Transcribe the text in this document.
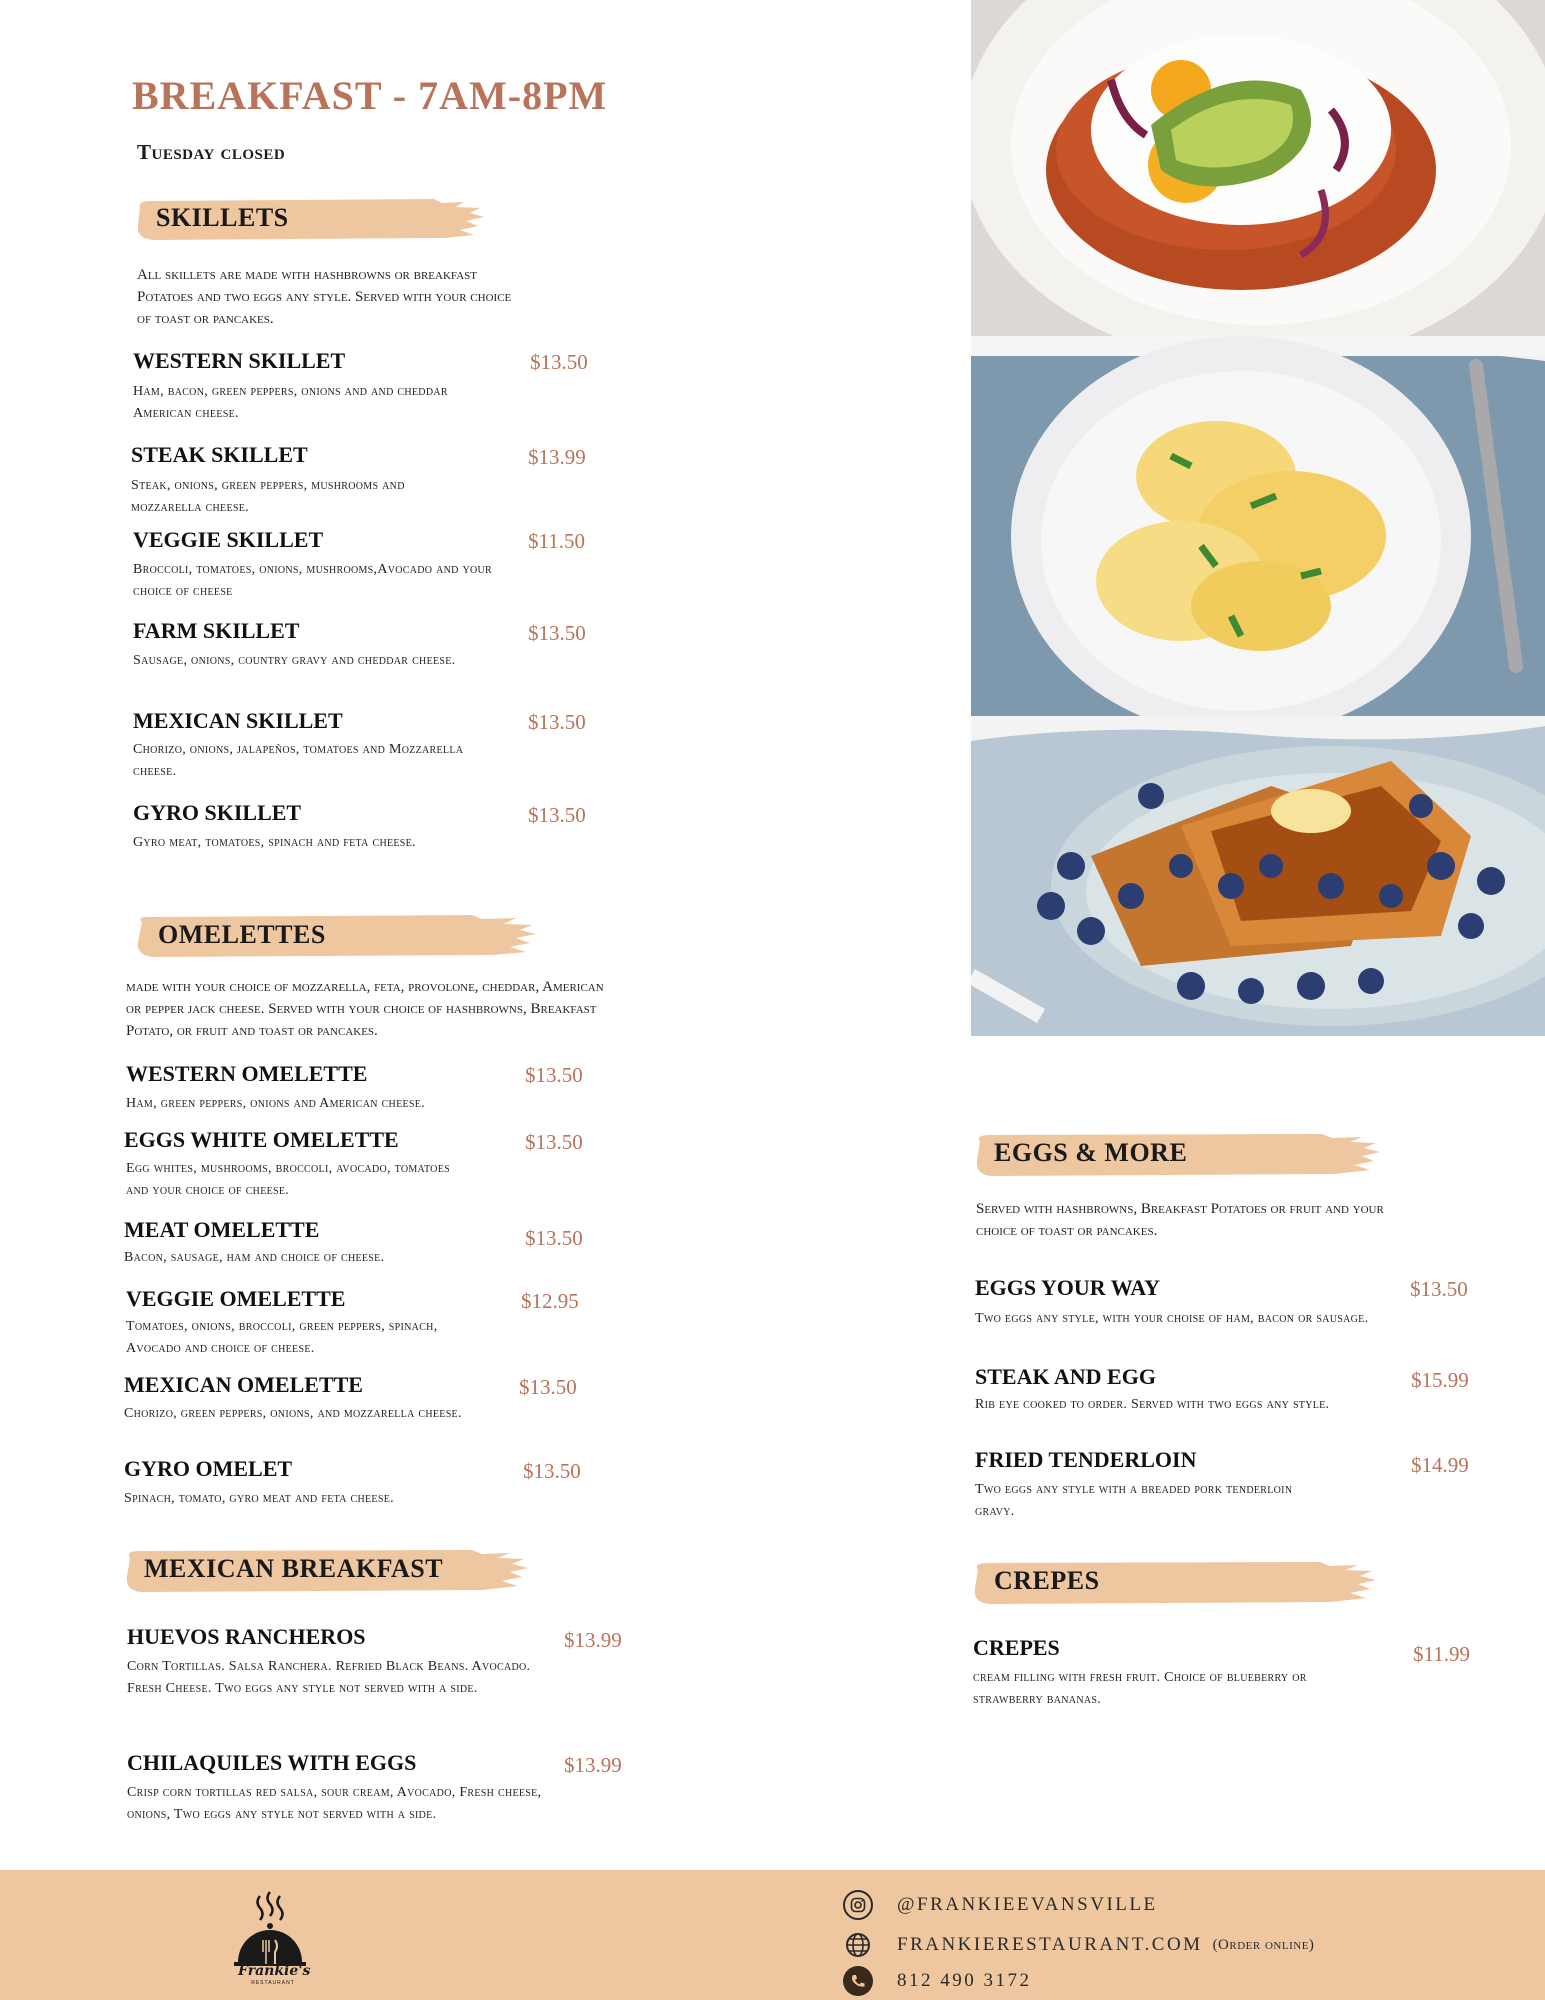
BREAKFAST - 7AM-8PM
Tuesday closed
SKILLETS
All skillets are made with hashbrowns or breakfast Potatoes and two eggs any style. Served with your choice of toast or pancakes.
WESTERN SKILLET	$13.50
Ham, bacon, green peppers, onions and and cheddar American cheese.
STEAK SKILLET	$13.99
Steak, onions, green peppers, mushrooms and mozzarella cheese.
VEGGIE SKILLET	$11.50
Broccoli, tomatoes, onions, mushrooms,Avocado and your choice of cheese
FARM SKILLET	$13.50
Sausage, onions, country gravy and cheddar cheese.
MEXICAN SKILLET	$13.50
Chorizo, onions, jalapeños, tomatoes and Mozzarella cheese.
GYRO SKILLET	$13.50
Gyro meat, tomatoes, spinach and feta cheese.
OMELETTES
made with your choice of mozzarella, feta, provolone, cheddar, American or pepper jack cheese. Served with your choice of hashbrowns, Breakfast Potato, or fruit and toast or pancakes.
WESTERN OMELETTE	$13.50
Ham, green peppers, onions and American cheese.
EGGS WHITE OMELETTE	$13.50
Egg whites, mushrooms, broccoli, avocado, tomatoes and your choice of cheese.
MEAT OMELETTE	$13.50
Bacon, sausage, ham and choice of cheese.
VEGGIE OMELETTE	$12.95
Tomatoes, onions, broccoli, green peppers, spinach, Avocado and choice of cheese.
MEXICAN OMELETTE	$13.50
Chorizo, green peppers, onions, and mozzarella cheese.
GYRO OMELET	$13.50
Spinach, tomato, gyro meat and feta cheese.
MEXICAN BREAKFAST
HUEVOS RANCHEROS	$13.99
Corn Tortillas. Salsa Ranchera. Refried Black Beans. Avocado. Fresh Cheese. Two eggs any style not served with a side.
CHILAQUILES WITH EGGS	$13.99
Crisp corn tortillas red salsa, sour cream, Avocado, Fresh cheese, onions, Two eggs any style not served with a side.
EGGS & MORE
Served with hashbrowns, Breakfast Potatoes or fruit and your choice of toast or pancakes.
EGGS YOUR WAY	$13.50
Two eggs any style, with your choise of ham, bacon or sausage.
STEAK AND EGG	$15.99
Rib eye cooked to order. Served with two eggs any style.
FRIED TENDERLOIN	$14.99
Two eggs any style with a breaded pork tenderloin gravy.
CREPES
CREPES	$11.99
cream filling with fresh fruit. Choice of blueberry or strawberry bananas.
Frankie's
RESTAURANT
@FRANKIEEVANSVILLE
FRANKIERESTAURANT.COM (Order online)
812 490 3172
